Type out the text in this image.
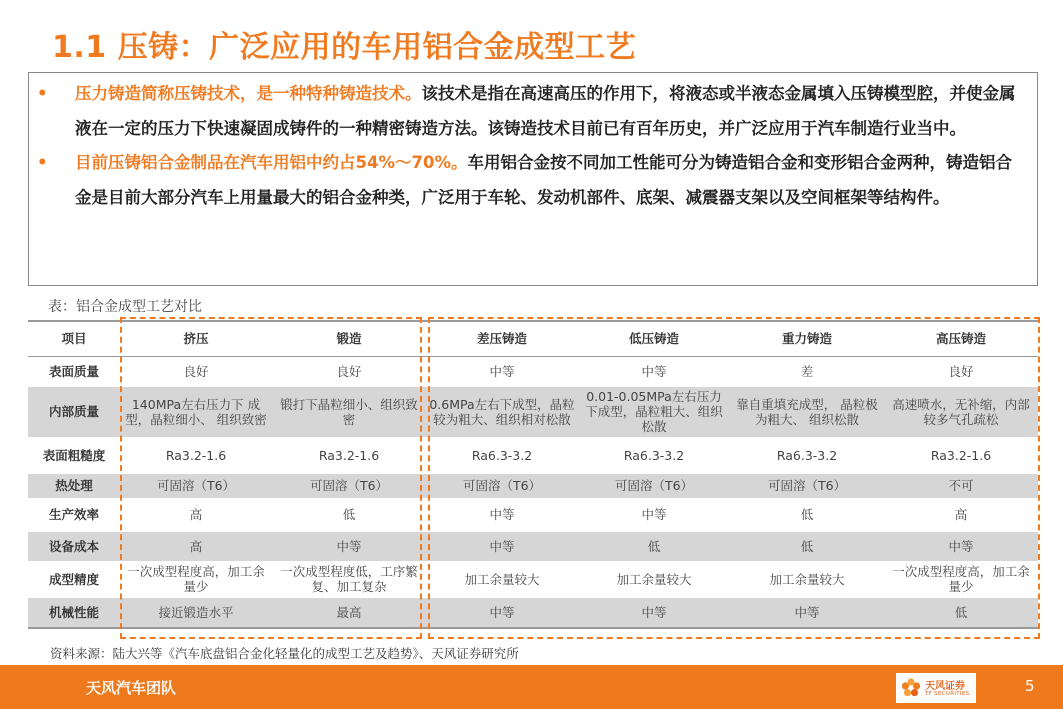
1.1 压铸：广泛应用的车用铝合金成型工艺
• 压力铸造简称压铸技术，是一种特种铸造技术。该技术是指在高速高压的作用下，将液态或半液态金属填入压铸模型腔，并使金属液在一定的压力下快速凝固成铸件的一种精密铸造方法。该铸造技术目前已有百年历史，并广泛应用于汽车制造行业当中。
• 目前压铸铝合金制品在汽车用铝中约占54%～70%。车用铝合金按不同加工性能可分为铸造铝合金和变形铝合金两种，铸造铝合金是目前大部分汽车上用量最大的铝合金种类，广泛用于车轮、发动机部件、底架、减震器支架以及空间框架等结构件。
表：铝合金成型工艺对比
项目	挤压	锻造	差压铸造	低压铸造	重力铸造	高压铸造
表面质量	良好	良好	中等	中等	差	良好
内部质量	140MPa左右压力下 成型，晶粒细小、 组织致密	锻打下晶粒细小、组织致密	0.6MPa左右下成型，晶粒较为粗大、组织相对松散	0.01-0.05MPa左右压力下成型，晶粒粗大、组织松散	靠自重填充成型， 晶粒极为粗大、 组织松散	高速喷水，无补缩，内部较多气孔疏松
表面粗糙度	Ra3.2-1.6	Ra3.2-1.6	Ra6.3-3.2	Ra6.3-3.2	Ra6.3-3.2	Ra3.2-1.6
热处理	可固溶（T6）	可固溶（T6）	可固溶（T6）	可固溶（T6）	可固溶（T6）	不可
生产效率	高	低	中等	中等	低	高
设备成本	高	中等	中等	低	低	中等
成型精度	一次成型程度高，加工余量少	一次成型程度低，工序繁复、加工复杂	加工余量较大	加工余量较大	加工余量较大	一次成型程度高，加工余量少
机械性能	接近锻造水平	最高	中等	中等	中等	低
资料来源：陆大兴等《汽车底盘铝合金化轻量化的成型工艺及趋势》、天风证券研究所
天风汽车团队	天风证券
TF SECURITIES	5
